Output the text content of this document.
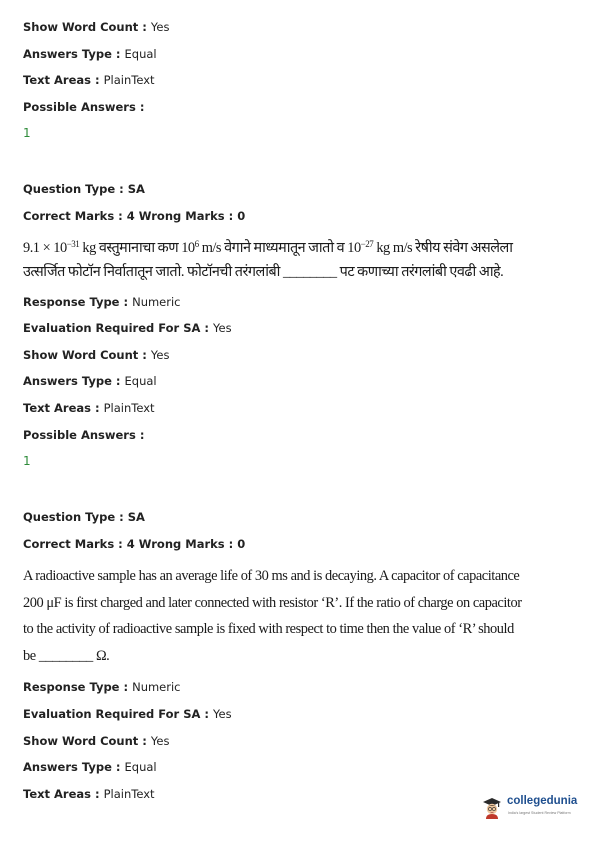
Show Word Count : Yes
Answers Type : Equal
Text Areas : PlainText
Possible Answers :
1
Question Type : SA
Correct Marks : 4 Wrong Marks : 0
$9.1 \times 10^{-31}$ kg वस्तुमानाचा कण $10^6$ m/s वेगाने माध्यमातून जातो व $10^{-27}$ kg m/s रेषीय संवेग असलेला
उत्सर्जित फोटॉन निर्वातातून जातो. फोटॉनची तरंगलांबी ________ पट कणाच्या तरंगलांबी एवढी आहे.
Response Type : Numeric
Evaluation Required For SA : Yes
Show Word Count : Yes
Answers Type : Equal
Text Areas : PlainText
Possible Answers :
1
Question Type : SA
Correct Marks : 4 Wrong Marks : 0
A radioactive sample has an average life of 30 ms and is decaying. A capacitor of capacitance
200 μF is first charged and later connected with resistor ‘R’. If the ratio of charge on capacitor
to the activity of radioactive sample is fixed with respect to time then the value of ‘R’ should
be ________ Ω.
Response Type : Numeric
Evaluation Required For SA : Yes
Show Word Count : Yes
Answers Type : Equal
Text Areas : PlainText
collegedunia
India's largest Student Review Platform
